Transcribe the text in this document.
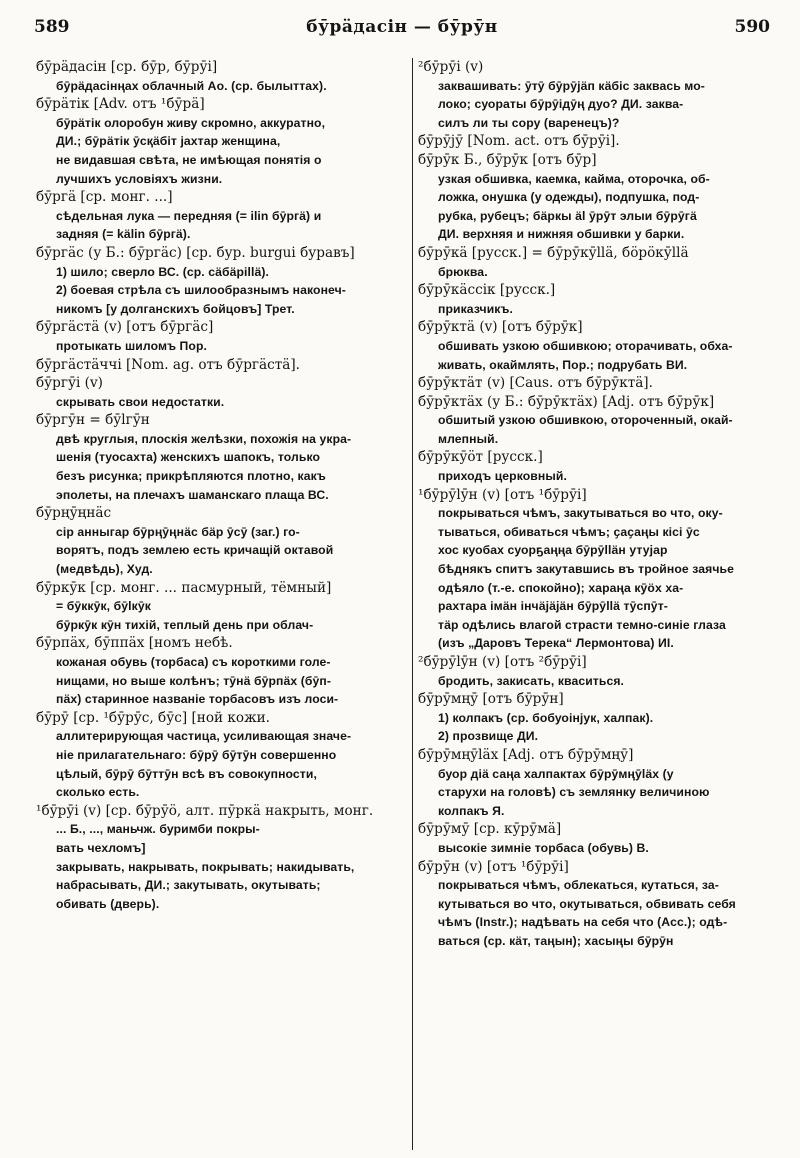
589	бӯрӓдасін — бӯрӯн	590
бӯрӓдасін [ср. бӯр, бӯрӯі]
бӯрӓдасінңах облачный Ао. (ср. былыттах).
бӯрӓтік [Adv. отъ ¹бӯрӓ]
бӯрӓтік олоробун живу скромно, аккуратно,
ДИ.; бӯрӓтік ӯсқӓбіт јахтар женщина,
не видавшая свѣта, не имѣющая понятія о
лучшихъ условіяхъ жизни.
бӯргӓ [ср. монг. ...]
сѣдельная лука — передняя (= ilin бӯргӓ) и
задняя (= kälin бӯргӓ).
бӯргӓс (у Б.: бӯргӓс) [ср. бур. burgui буравъ]
1) шило; сверло ВС. (ср. сӓбӓріllӓ).
2) боевая стрѣла съ шилообразнымъ наконеч-
никомъ [у долганскихъ бойцовъ] Трет.
бӯргӓстӓ (v) [отъ бӯргӓс]
протыкать шиломъ Пор.
бӯргӓстӓччі [Nom. ag. отъ бӯргӓстӓ].
бӯргӯі (v)
скрывать свои недостатки.
бӯргӯн = бӯlгӯн
двѣ круглыя, плоскія желѣзки, похожія на укра-
шенія (туосахта) женскихъ шапокъ, только
безъ рисунка; прикрѣпляются плотно, какъ
эполеты, на плечахъ шаманскаго плаща ВС.
бӯрңӯңнӓс
сір анныгар бӯрңӯңнӓс бӓр ӯсӯ (заг.) го-
ворятъ, подъ землею есть кричащій октавой
(медвѣдь), Худ.
бӯркӯк [ср. монг. ... пасмурный, тёмный]
= бӯккӯк, бӯlкӯк
бӯркӯк кӯн тихій, теплый день при облач-
бӯрпӓх, бӯппӓх [номъ небѣ.
кожаная обувь (торбаса) съ короткими голе-
нищами, но выше колѣнъ; тӯнӓ бӯрпӓх (бӯп-
пӓх) старинное названіе торбасовъ изъ лоси-
бӯрӯ [ср. ¹бӯрӯс, бӯс] [ной кожи.
аллитерирующая частица, усиливающая значе-
ніе прилагательнаго: бӯрӯ бӯтӯн совершенно
цѣлый, бӯрӯ бӯттӯн всѣ въ совокупности,
сколько есть.
¹бӯрӯі (v) [ср. бӯрӯӧ, алт. пӯркӓ накрыть, монг.
... Б., ..., маньчж. буримби покры-
вать чехломъ]
закрывать, накрывать, покрывать; накидывать,
набрасывать, ДИ.; закутывать, окутывать;
обивать (дверь).
²бӯрӯі (v)
заквашивать: ӯтӯ бӯрӯјӓп кӓбіс заквась мо-
локо; суораты бӯрӯідӯң дуо? ДИ. заква-
силъ ли ты сору (варенецъ)?
бӯрӯјӯ [Nom. act. отъ бӯрӯі].
бӯрӯк Б., бӯрӯк [отъ бӯр]
узкая обшивка, каемка, кайма, оторочка, об-
ложка, онушка (у одежды), подпушка, под-
рубка, рубецъ; бӓркы ӓl ӯрӯт элыи бӯрӯгӓ
ДИ. верхняя и нижняя обшивки у барки.
бӯрӯкӓ [русск.] = бӯрӯкӯllӓ, бӧрӧкӯllӓ
брюква.
бӯрӯкӓссік [русск.]
приказчикъ.
бӯрӯктӓ (v) [отъ бӯрӯк]
обшивать узкою обшивкою; оторачивать, обха-
живать, окаймлять, Пор.; подрубать ВИ.
бӯрӯктӓт (v) [Caus. отъ бӯрӯктӓ].
бӯрӯктӓх (у Б.: бӯрӯктӓх) [Adj. отъ бӯрӯк]
обшитый узкою обшивкою, отороченный, окай-
млепный.
бӯрӯкӯӧт [русск.]
приходъ церковный.
¹бӯрӯlӯн (v) [отъ ¹бӯрӯі]
покрываться чѣмъ, закутываться во что, оку-
тываться, обиваться чѣмъ; ҫаҫаңы кісі ӯс
хос куобах суорҕаңңа бӯрӯllӓн утуjар
бѣднякъ спитъ закутавшись въ тройное заячье
одѣяло (т.-е. спокойно); хараңа кӯӧх ха-
рахтара імӓн інчӓjӓjӓн бӯрӯllӓ тӯспӯт-
тӓр одѣлись влагой страсти темно-синіе глаза
(изъ „Даровъ Терека“ Лермонтова) ИІ.
²бӯрӯlӯн (v) [отъ ²бӯрӯі]
бродить, закисать, кваситься.
бӯрӯмңӯ [отъ бӯрӯн]
1) колпакъ (ср. бобуоінјук, халпак).
2) прозвище ДИ.
бӯрӯмңӯlӓх [Adj. отъ бӯрӯмңӯ]
буор діӓ саңа халпактах бӯрӯмңӯlӓх (у
старухи на головѣ) съ землянку величиною
колпакъ Я.
бӯрӯмӯ [ср. кӯрӯмӓ]
высокіе зимніе торбаса (обувь) В.
бӯрӯн (v) [отъ ¹бӯрӯі]
покрываться чѣмъ, облекаться, кутаться, за-
кутываться во что, окутываться, обвивать себя
чѣмъ (Instr.); надѣвать на себя что (Acc.); одѣ-
ваться (ср. кӓт, таңын); хасыңы бӯрӯн
